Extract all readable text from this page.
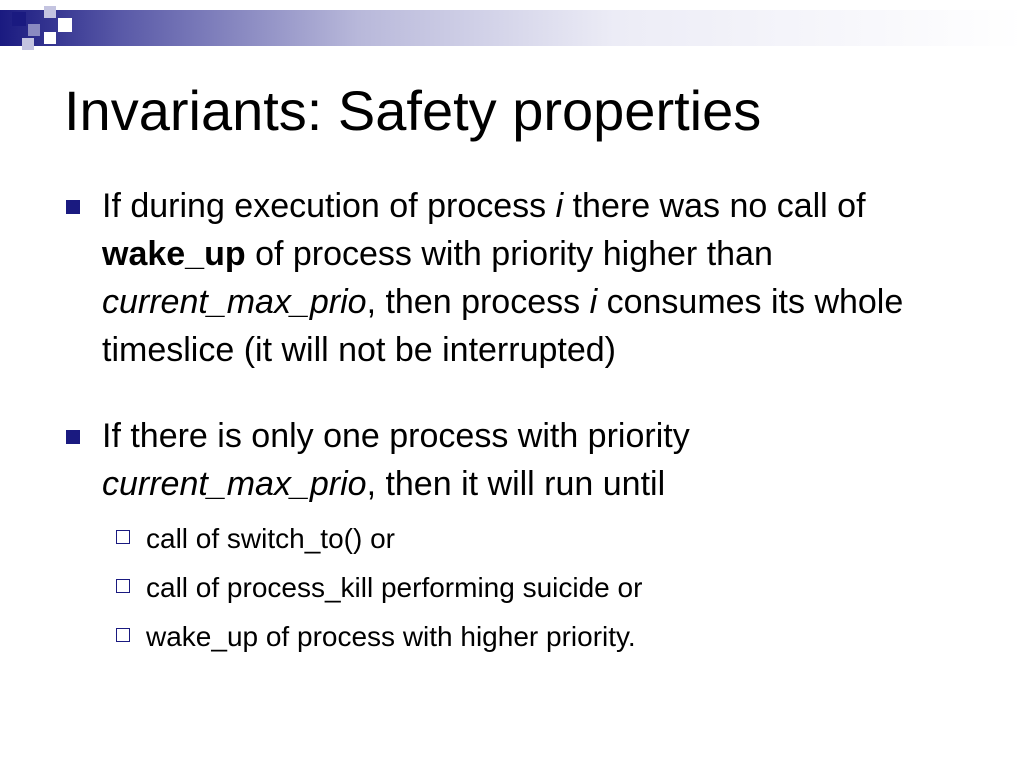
Invariants: Safety properties
If during execution of process i there was no call of wake_up of process with priority higher than current_max_prio, then process i consumes its whole timeslice (it will not be interrupted)
If there is only one process with priority
current_max_prio, then it will run until
call of switch_to() or
call of process_kill performing suicide or
wake_up of process with higher priority.
